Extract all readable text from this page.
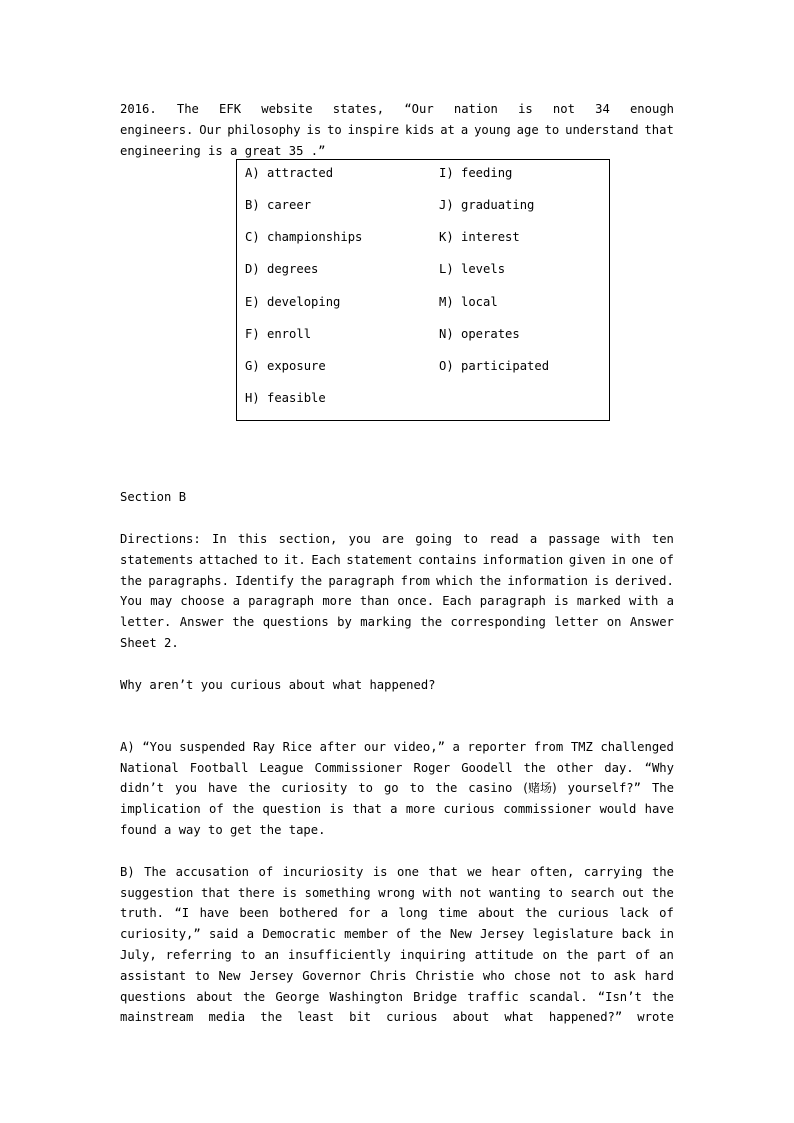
2016. The EFK website states, “Our nation is not 34 enough
engineers. Our philosophy is to inspire kids at a young age to understand that
engineering is a great 35 .”
A) attracted
B) career
C) championships
D) degrees
E) developing
F) enroll
G) exposure
H) feasible
I) feeding
J) graduating
K) interest
L) levels
M) local
N) operates
O) participated
Section B
Directions: In this section, you are going to read a passage with ten
statements attached to it. Each statement contains information given in one of
the paragraphs. Identify the paragraph from which the information is derived.
You may choose a paragraph more than once. Each paragraph is marked with a
letter. Answer the questions by marking the corresponding letter on Answer
Sheet 2.
Why aren’t you curious about what happened?
A) “You suspended Ray Rice after our video,” a reporter from TMZ challenged
National Football League Commissioner Roger Goodell the other day. “Why
didn’t you have the curiosity to go to the casino (赌场) yourself?” The
implication of the question is that a more curious commissioner would have
found a way to get the tape.
B) The accusation of incuriosity is one that we hear often, carrying the
suggestion that there is something wrong with not wanting to search out the
truth. “I have been bothered for a long time about the curious lack of
curiosity,” said a Democratic member of the New Jersey legislature back in
July, referring to an insufficiently inquiring attitude on the part of an
assistant to New Jersey Governor Chris Christie who chose not to ask hard
questions about the George Washington Bridge traffic scandal. “Isn’t the
mainstream media the least bit curious about what happened?” wrote
